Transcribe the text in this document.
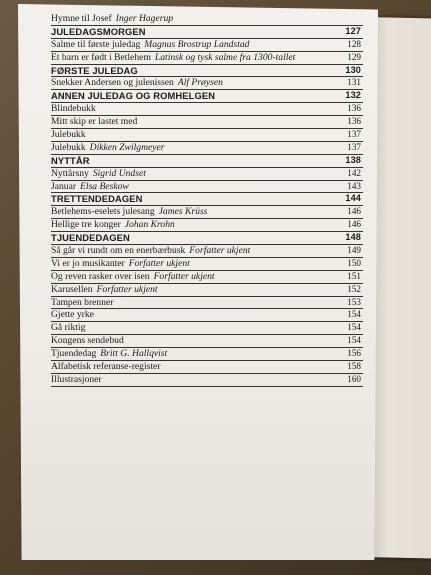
Hymne til Josef Inger Hagerup
JULEDAGSMORGEN	127
Salme til første juledag Magnus Brostrup Landstad	128
Et barn er født i Betlehem Latinsk og tysk salme fra 1300-tallet	129
FØRSTE JULEDAG	130
Snekker Andersen og julenissen Alf Prøysen	131
ANNEN JULEDAG OG ROMHELGEN	132
Blindebukk	136
Mitt skip er lastet med	136
Julebukk	137
Julebukk Dikken Zwilgmeyer	137
NYTTÅR	138
Nyttårsny Sigrid Undset	142
Januar Elsa Beskow	143
TRETTENDEDAGEN	144
Betlehems-eselets julesang James Krüss	146
Hellige tre konger Johan Krohn	146
TJUENDEDAGEN	148
Så går vi rundt om en enerbærbusk Forfatter ukjent	149
Vi er jo musikanter Forfatter ukjent	150
Og reven rasker over isen Forfatter ukjent	151
Karusellen Forfatter ukjent	152
Tampen brenner	153
Gjette yrke	154
Gå riktig	154
Kongens sendebud	154
Tjuendedag Britt G. Hallqvist	156
Alfabetisk referanse-register	158
Illustrasjoner	160
